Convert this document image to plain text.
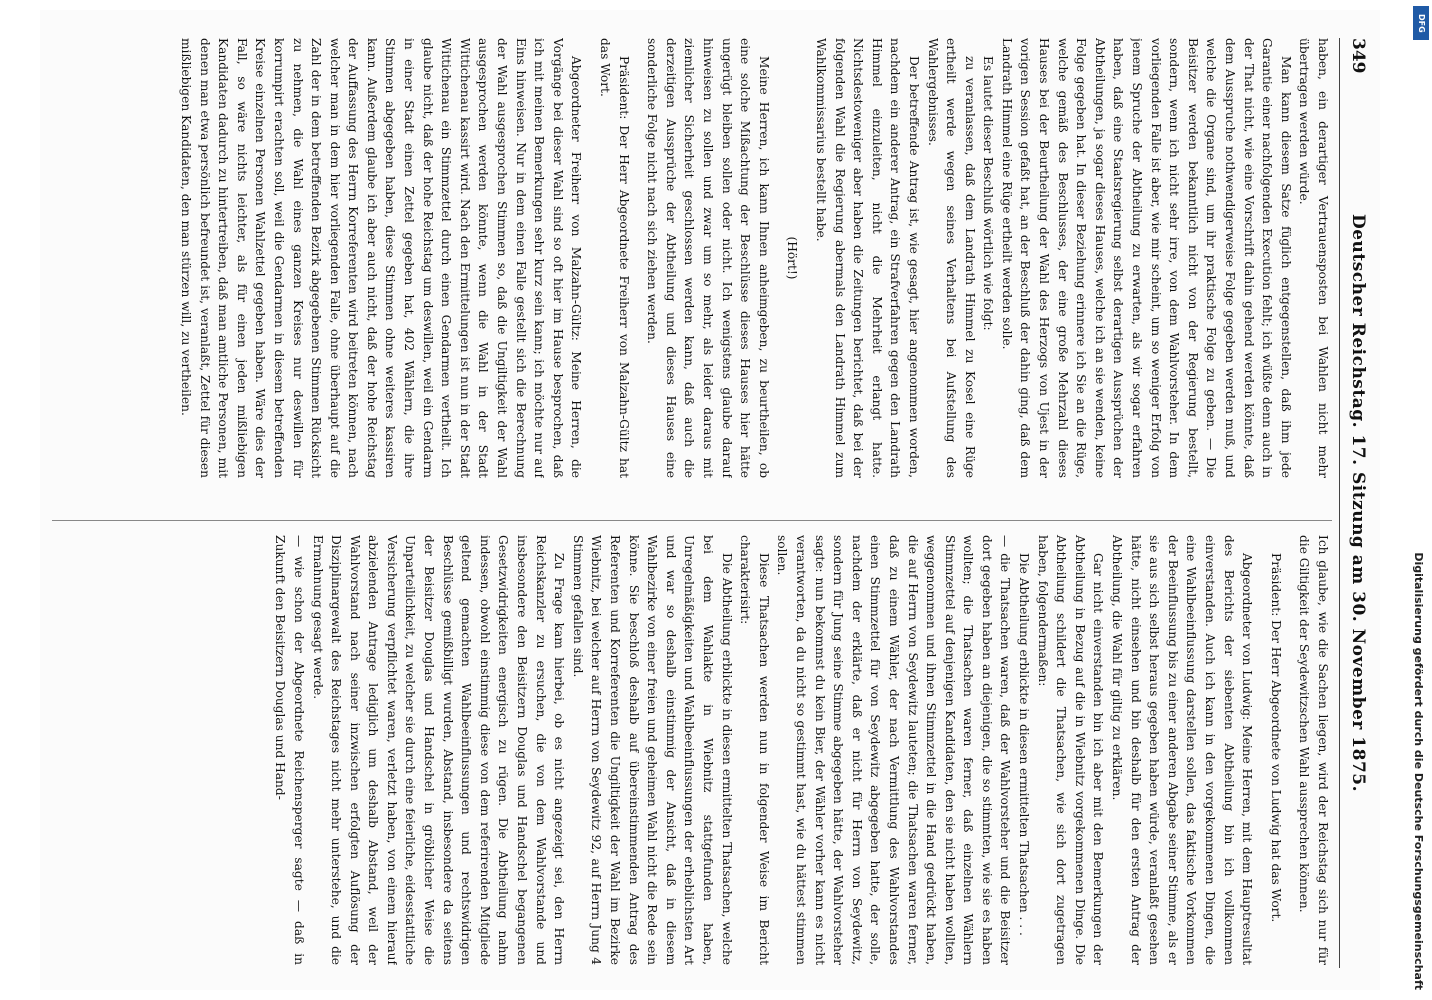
349
Deutscher Reichstag. 17. Sitzung am 30. November 1875.

haben, ein derartiger Vertrauensposten bei Wahlen nicht mehr übertragen werden würde.

Man kann diesem Satze füglich entgegenstellen, daß ihm jede Garantie einer nachfolgenden Execution fehlt; ich wüßte denn auch in der That nicht, wie eine Vorschrift dahin gehend werden könnte, daß dem Ausspruche nothwendigerweise Folge gegeben werden muß, und welche die Organe sind, um ihr praktische Folge zu geben. — Die Beisitzer werden bekanntlich nicht von der Regierung bestellt, sondern, wenn ich nicht sehr irre, von dem Wahlvorsteher. In dem vorliegenden Falle ist aber, wie mir scheint, um so weniger Erfolg von jenem Spruche der Abtheilung zu erwarten, als wir sogar erfahren haben, daß eine Staatsregierung selbst derartigen Aussprüchen der Abtheilungen, ja sogar dieses Hauses, welche ich an sie wenden, keine Folge gegeben hat. In dieser Beziehung erinnere ich Sie an die Rüge, welche gemäß des Beschlusses, der eine große Mehrzahl dieses Hauses bei der Beurtheilung der Wahl des Herzogs von Ujest in der vorigen Session gefaßt hat, an der Beschluß der dahin ging, daß dem Landrath Himmel eine Rüge ertheilt werden solle.

Es lautet dieser Beschluß wörtlich wie folgt:

zu veranlassen, daß dem Landrath Himmel zu Kosel eine Rüge ertheilt werde wegen seines Verhaltens bei Aufstellung des Wahlergebnisses.

Der betreffende Antrag ist, wie gesagt, hier angenommen worden, nachdem ein anderer Antrag, ein Strafverfahren gegen den Landrath Himmel einzuleiten, nicht die Mehrheit erlangt hatte. Nichtsdestoweniger aber haben die Zeitungen berichtet, daß bei der folgenden Wahl die Regierung abermals den Landrath Himmel zum Wahlkommissarius bestellt habe.

(Hört!)

Meine Herren, ich kann Ihnen anheimgeben, zu beurtheilen, ob eine solche Mißachtung der Beschlüsse dieses Hauses hier hätte ungerügt bleiben sollen oder nicht. Ich wenigstens glaube darauf hinweisen zu sollen und zwar um so mehr, als leider daraus mit ziemlicher Sicherheit geschlossen werden kann, daß auch die derzeitigen Aussprüche der Abtheilung und dieses Hauses eine sonderliche Folge nicht nach sich ziehen werden.

Präsident: Der Herr Abgeordnete Freiherr von Malzahn-Gültz hat das Wort.

Abgeordneter Freiherr von Malzahn-Gültz: Meine Herren, die Vorgänge bei dieser Wahl sind so oft hier im Hause besprochen, daß ich mit meinen Bemerkungen sehr kurz sein kann; ich möchte nur auf Eins hinweisen. Nur in dem einen Falle gestellt sich die Berechnung der Wahl ausgesprochen Stimmen so, daß die Ungiltigkeit der Wahl ausgesprochen werden könnte, wenn die Wahl in der Stadt Wittichenau kassirt wird. Nach den Ermittelungen ist nun in der Stadt Wittichenau ein Stimmzettel durch einen Gendarmen vertheilt. Ich glaube nicht, daß der hohe Reichstag um deswillen, weil ein Gendarm in einer Stadt einen Zettel gegeben hat, 402 Wählern, die ihre Stimmen abgegeben haben, diese Stimmen ohne weiteres kassiren kann. Außerdem glaube ich aber auch nicht, daß der hohe Reichstag der Auffassung des Herrn Korreferenten wird beitreten können, nach welcher man in dem hier vorliegenden Falle, ohne überhaupt auf die Zahl der in dem betreffenden Bezirk abgegebenen Stimmen Rücksicht zu nehmen, die Wahl eines ganzen Kreises nur deswillen für korrumpirt erachten soll, weil die Gendarmen in diesem betreffenden Kreise einzelnen Personen Wahlzettel gegeben haben. Wäre dies der Fall, so wäre nichts leichter, als für einen jeden mißliebigen Kandidaten dadurch zu hintertreiben, daß man amtliche Personen, mit denen man etwa persönlich befreundet ist, veranlaßt, Zettel für diesen mißliebigen Kandidaten, den man stürzen will, zu vertheilen.

Ich glaube, wie die Sachen liegen, wird der Reichstag sich nur für die Giltigkeit der Seydewitzschen Wahl aussprechen können.

Präsident: Der Herr Abgeordnete von Ludwig hat das Wort.

Abgeordneter von Ludwig: Meine Herren, mit dem Hauptresultat des Berichts der siebenten Abtheilung bin ich vollkommen einverstanden. Auch ich kann in den vorgekommenen Dingen, die eine Wahlbeeinflussung darstellen sollen, das faktische Vorkommen der Beeinflussung bis zu einer anderen Abgabe seiner Stimme, als er sie aus sich selbst heraus gegeben haben würde, veranlaßt gesehen hätte, nicht einsehen und bin deshalb für den ersten Antrag der Abtheilung, die Wahl für giltig zu erklären.

Gar nicht einverstanden bin ich aber mit den Bemerkungen der Abtheilung in Bezug auf die in Wiebnitz vorgekommenen Dinge. Die Abtheilung schildert die Thatsachen, wie sich dort zugetragen haben, folgendermaßen:

Die Abtheilung erblickte in diesen ermittelten Thatsachen . . .

— die Thatsachen waren, daß der Wahlvorsteher und die Beisitzer dort gegeben haben an diejenigen, die so stimmten, wie sie es haben wollten; die Thatsachen waren ferner, daß einzelnen Wählern Stimmzettel auf denjenigen Kandidaten, den sie nicht haben wollten, weggenommen und ihnen Stimmzettel in die Hand gedrückt haben, die auf Herrn von Seydewitz lauteten; die Thatsachen waren ferner, daß zu einem Wähler, der nach Vermittlung des Wahlvorstandes einen Stimmzettel für von Seydewitz abgegeben hatte, der solle, nachdem der erklärte, daß er nicht für Herrn von Seydewitz, sondern für Jung seine Stimme abgegeben hätte, der Wahlvorsteher sagte: nun bekommst du kein Bier, der Wähler vorher kann es nicht verantworten, da du nicht so gestimmt hast, wie du hättest stimmen sollen.

Diese Thatsachen werden nun in folgender Weise im Bericht charakterisirt:

Die Abtheilung erblickte in diesen ermittelten Thatsachen, welche bei dem Wahlakte in Wiebnitz stattgefunden haben, Unregelmäßigkeiten und Wahlbeeinflussungen der erheblichsten Art und war so deshalb einstimmig der Ansicht, daß in diesem Wahlbezirke von einer freien und geheimen Wahl nicht die Rede sein könne. Sie beschloß deshalb auf übereinstimmenden Antrag des Referenten und Korreferenten die Ungiltigkeit der Wahl im Bezirke Wiebnitz, bei welcher auf Herrn von Seydewitz 92, auf Herrn Jung 4 Stimmen gefallen sind.

Zu Frage kam hierbei, ob es nicht angezeigt sei, den Herrn Reichskanzler zu ersuchen, die von dem Wahlvorstande und insbesondere den Beisitzern Douglas und Handschel begangenen Gesetzwidrigkeiten energisch zu rügen. Die Abtheilung nahm indessen, obwohl einstimmig diese von dem referirenden Mitgliede geltend gemachten Wahlbeeinflussungen und rechtswidrigen Beschlüsse gemißbilligt wurden, Abstand, insbesondere da seitens der Beisitzer Douglas und Handschel in gröblicher Weise die Unparteilichkeit, zu welcher sie durch eine feierliche, eidesstattliche Versicherung verpflichtet waren, verletzt haben, von einem hierauf abzielenden Antrage lediglich um deshalb Abstand, weil der Wahlvorstand nach seiner inzwischen erfolgten Auflösung der Disziplinargewalt des Reichstages nicht mehr unterstehe, und die Ermahnung gesagt werde.

— wie schon der Abgeordnete Reichensperger sagte — daß in Zukunft den Beisitzern Douglas und Hand-

DFG
Digitalisierung gefördert durch die Deutsche Forschungsgemeinschaft
